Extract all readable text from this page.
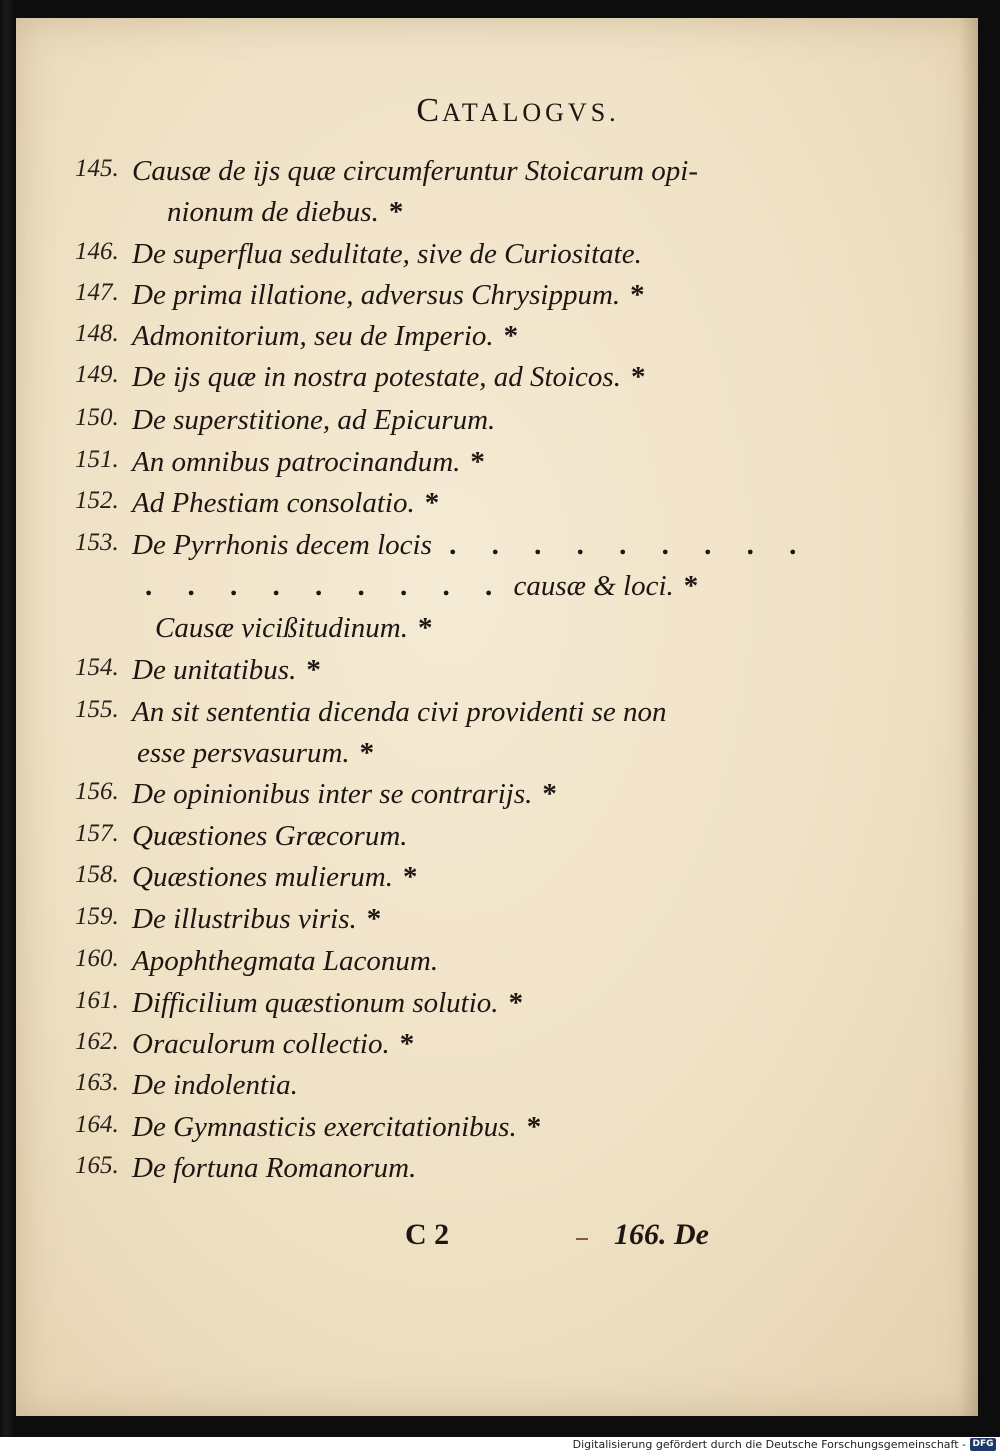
CATALOGVS.
145. Causæ de ijs quæ circumferuntur Stoicarum opi-
nionum de diebus. *
146. De superflua sedulitate, sive de Curiositate.
147. De prima illatione, adversus Chrysippum. *
148. Admonitorium, seu de Imperio. *
149. De ijs quæ in nostra potestate, ad Stoicos. *
150. De superstitione, ad Epicurum.
151. An omnibus patrocinandum. *
152. Ad Phestiam consolatio. *
153. De Pyrrhonis decem locis . . . . . . . . .
. . . . . . . . . causæ & loci. *
Causæ vicißitudinum. *
154. De unitatibus. *
155. An sit sententia dicenda civi providenti se non
esse persvasurum. *
156. De opinionibus inter se contrarijs. *
157. Quæstiones Græcorum.
158. Quæstiones mulierum. *
159. De illustribus viris. *
160. Apophthegmata Laconum.
161. Difficilium quæstionum solutio. *
162. Oraculorum collectio. *
163. De indolentia.
164. De Gymnasticis exercitationibus. *
165. De fortuna Romanorum.
C 2	166. De
Digitalisierung gefördert durch die Deutsche Forschungsgemeinschaft - DFG
